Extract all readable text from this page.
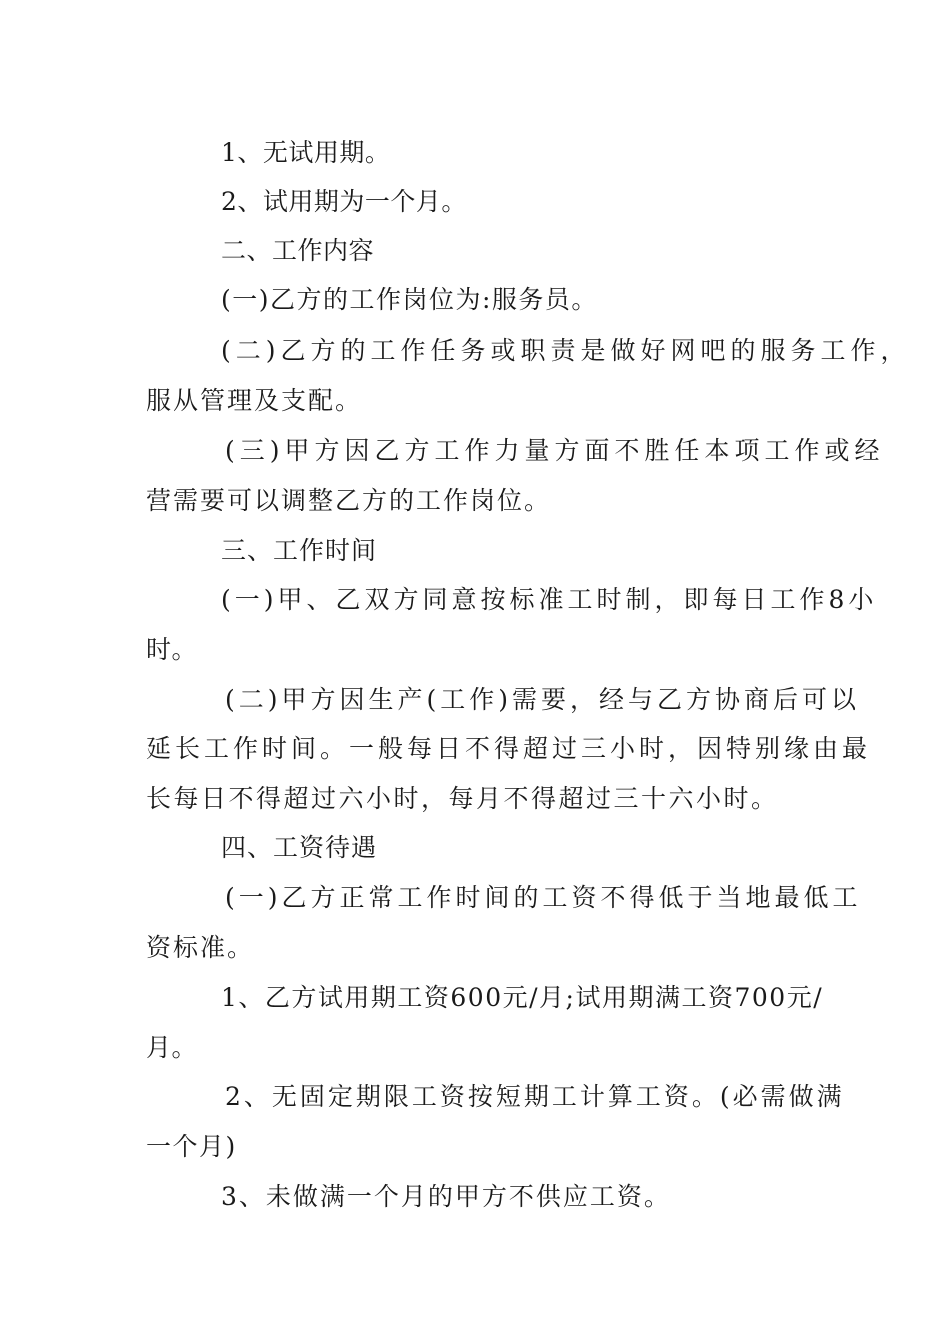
1、无试用期。
2、试用期为一个月。
二、工作内容
(一)乙方的工作岗位为:服务员。
(二)乙方的工作任务或职责是做好网吧的服务工作，
服从管理及支配。
(三)甲方因乙方工作力量方面不胜任本项工作或经
营需要可以调整乙方的工作岗位。
三、工作时间
(一)甲、乙双方同意按标准工时制，即每日工作8小
时。
(二)甲方因生产(工作)需要，经与乙方协商后可以
延长工作时间。一般每日不得超过三小时，因特别缘由最
长每日不得超过六小时，每月不得超过三十六小时。
四、工资待遇
(一)乙方正常工作时间的工资不得低于当地最低工
资标准。
1、乙方试用期工资600元/月;试用期满工资700元/
月。
2、无固定期限工资按短期工计算工资。(必需做满
一个月)
3、未做满一个月的甲方不供应工资。
